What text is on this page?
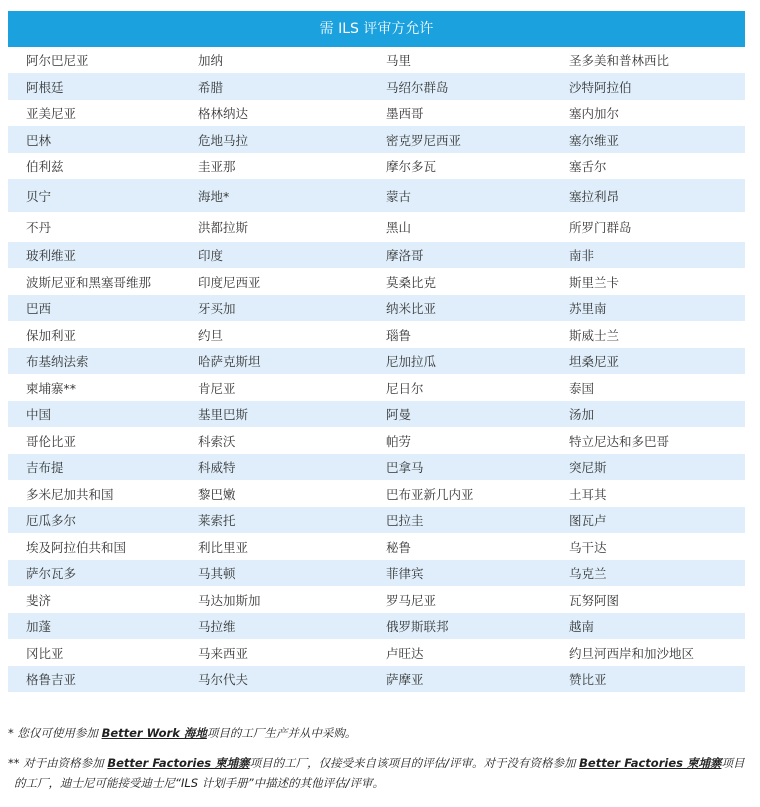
需 ILS 评审方允许
阿尔巴尼亚	加纳	马里	圣多美和普林西比
阿根廷	希腊	马绍尔群岛	沙特阿拉伯
亚美尼亚	格林纳达	墨西哥	塞内加尔
巴林	危地马拉	密克罗尼西亚	塞尔维亚
伯利兹	圭亚那	摩尔多瓦	塞舌尔
贝宁	海地*	蒙古	塞拉利昂
不丹	洪都拉斯	黑山	所罗门群岛
玻利维亚	印度	摩洛哥	南非
波斯尼亚和黑塞哥维那	印度尼西亚	莫桑比克	斯里兰卡
巴西	牙买加	纳米比亚	苏里南
保加利亚	约旦	瑙鲁	斯威士兰
布基纳法索	哈萨克斯坦	尼加拉瓜	坦桑尼亚
柬埔寨**	肯尼亚	尼日尔	泰国
中国	基里巴斯	阿曼	汤加
哥伦比亚	科索沃	帕劳	特立尼达和多巴哥
吉布提	科威特	巴拿马	突尼斯
多米尼加共和国	黎巴嫩	巴布亚新几内亚	土耳其
厄瓜多尔	莱索托	巴拉圭	图瓦卢
埃及阿拉伯共和国	利比里亚	秘鲁	乌干达
萨尔瓦多	马其顿	菲律宾	乌克兰
斐济	马达加斯加	罗马尼亚	瓦努阿图
加蓬	马拉维	俄罗斯联邦	越南
冈比亚	马来西亚	卢旺达	约旦河西岸和加沙地区
格鲁吉亚	马尔代夫	萨摩亚	赞比亚

* 您仅可使用参加 Better Work 海地项目的工厂生产并从中采购。

** 对于由资格参加 Better Factories 柬埔寨项目的工厂，仅接受来自该项目的评估/评审。对于没有资格参加 Better Factories 柬埔寨项目
的工厂，迪士尼可能接受迪士尼“ILS 计划手册”中描述的其他评估/评审。
